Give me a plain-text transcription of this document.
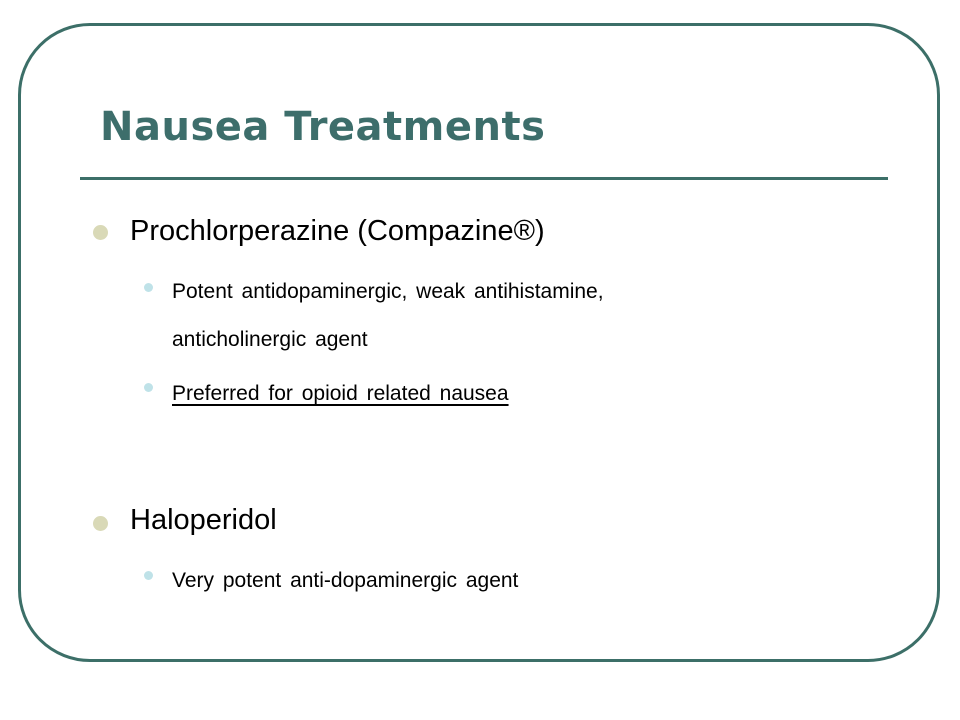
Nausea Treatments

Prochlorperazine (Compazine®)

Potent antidopaminergic, weak antihistamine,

anticholinergic agent

Preferred for opioid related nausea

Haloperidol

Very potent anti-dopaminergic agent
